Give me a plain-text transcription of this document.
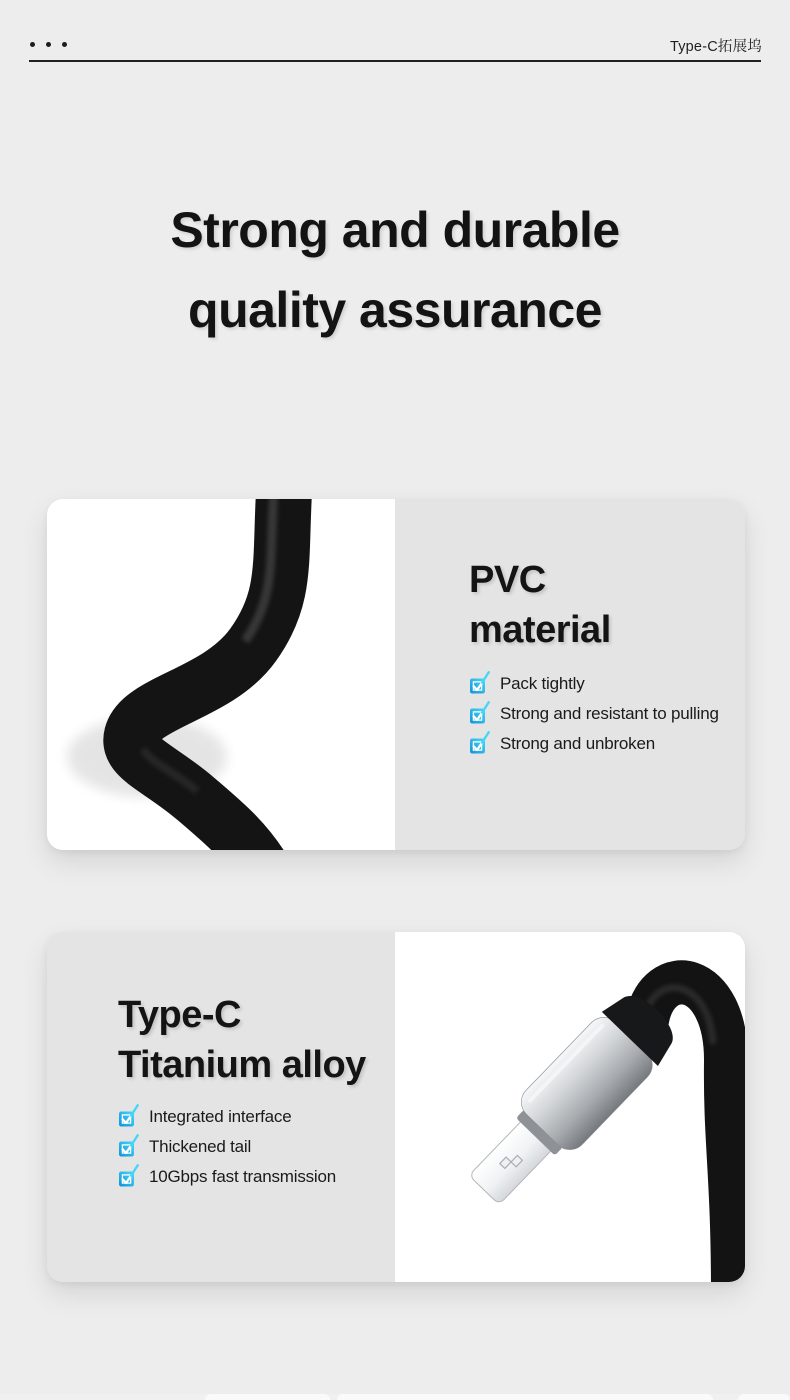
Type-C拓展坞
Strong and durable
quality assurance
PVC
material
Pack tightly
Strong and resistant to pulling
Strong and unbroken
Type-C
Titanium alloy
Integrated interface
Thickened tail
10Gbps fast transmission
